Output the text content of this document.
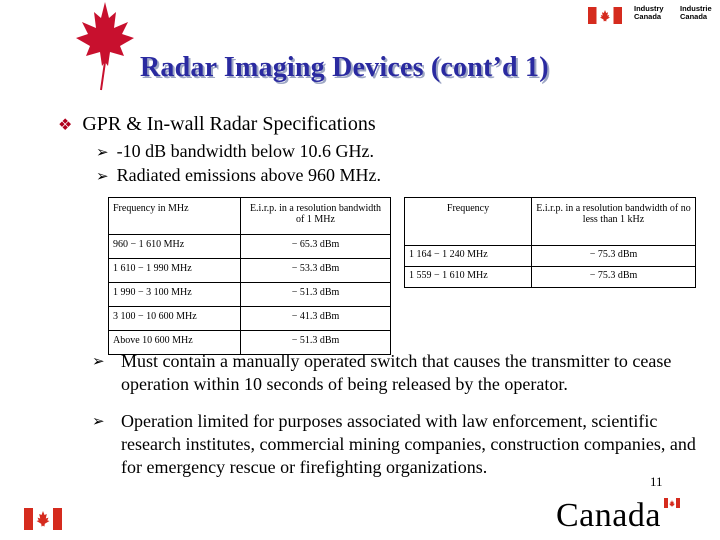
Industry
Canada
Industrie
Canada
Radar Imaging Devices (cont’d 1)
❖ GPR & In-wall Radar Specifications
➢ -10 dB bandwidth below 10.6 GHz.
➢ Radiated emissions above 960 MHz.
Frequency in MHz	E.i.r.p. in a resolution bandwidth of 1 MHz
960 − 1 610 MHz	− 65.3 dBm
1 610 − 1 990 MHz	− 53.3 dBm
1 990 − 3 100 MHz	− 51.3 dBm
3 100 − 10 600 MHz	− 41.3 dBm
Above 10 600 MHz	− 51.3 dBm
Frequency	E.i.r.p. in a resolution bandwidth of no less than 1 kHz
1 164 − 1 240 MHz	− 75.3 dBm
1 559 − 1 610 MHz	− 75.3 dBm
➢ Must contain a manually operated switch that causes the transmitter to cease operation within 10 seconds of being released by the operator.
➢ Operation limited for purposes associated with law enforcement, scientific research institutes, commercial mining companies, construction companies, and for emergency rescue or firefighting organizations.
11
Canada
